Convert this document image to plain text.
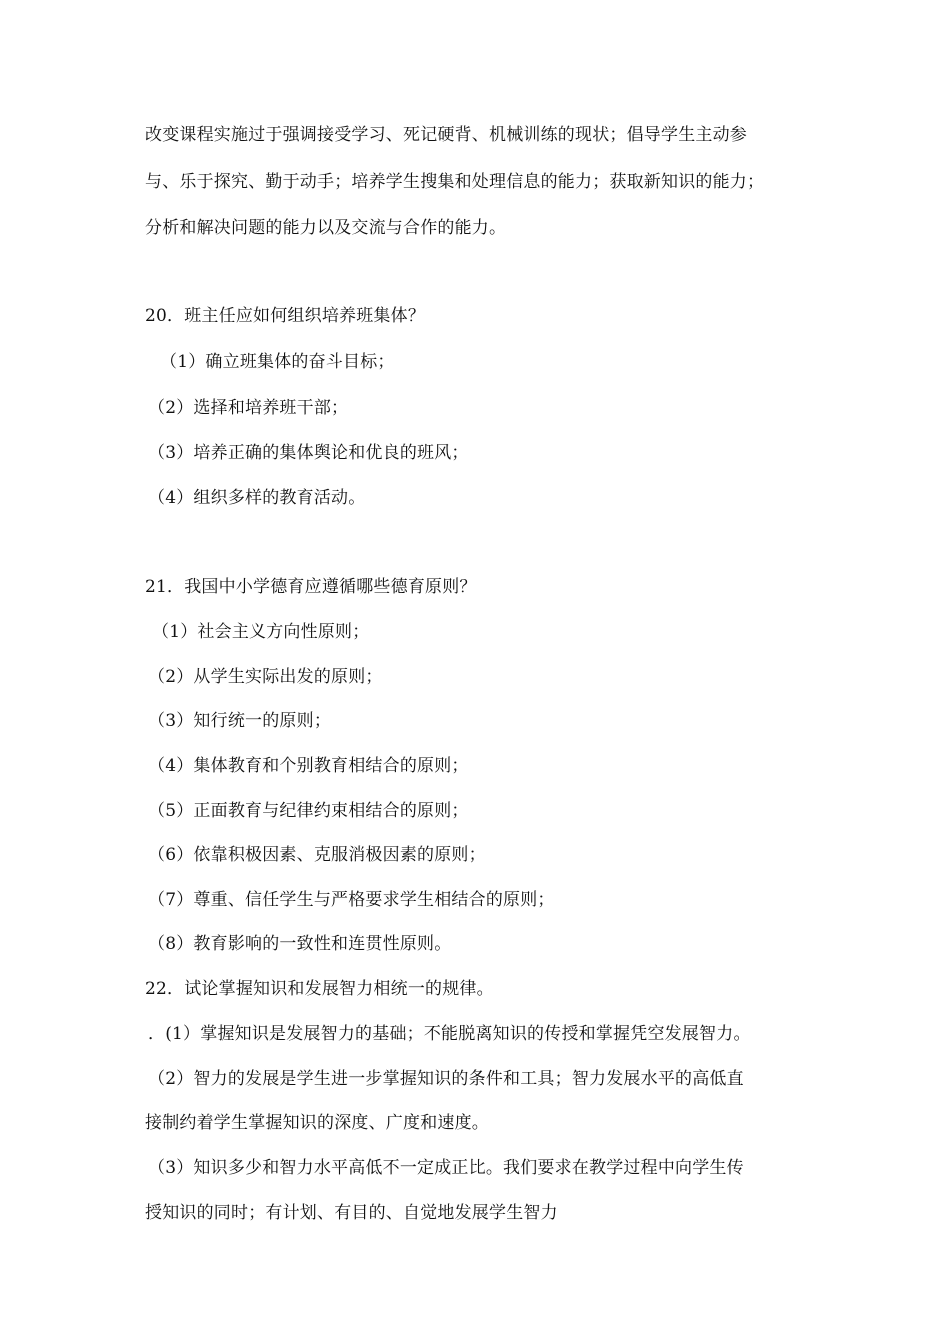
改变课程实施过于强调接受学习、死记硬背、机械训练的现状；倡导学生主动参
与、乐于探究、勤于动手；培养学生搜集和处理信息的能力；获取新知识的能力；
分析和解决问题的能力以及交流与合作的能力。
20．班主任应如何组织培养班集体？
（1）确立班集体的奋斗目标；
（2）选择和培养班干部；
（3）培养正确的集体舆论和优良的班风；
（4）组织多样的教育活动。
21．我国中小学德育应遵循哪些德育原则？
（1）社会主义方向性原则；
（2）从学生实际出发的原则；
（3）知行统一的原则；
（4）集体教育和个别教育相结合的原则；
（5）正面教育与纪律约束相结合的原则；
（6）依靠积极因素、克服消极因素的原则；
（7）尊重、信任学生与严格要求学生相结合的原则；
（8）教育影响的一致性和连贯性原则。
22．试论掌握知识和发展智力相统一的规律。
．(1）掌握知识是发展智力的基础；不能脱离知识的传授和掌握凭空发展智力。
（2）智力的发展是学生进一步掌握知识的条件和工具；智力发展水平的高低直
接制约着学生掌握知识的深度、广度和速度。
（3）知识多少和智力水平高低不一定成正比。我们要求在教学过程中向学生传
授知识的同时；有计划、有目的、自觉地发展学生智力
